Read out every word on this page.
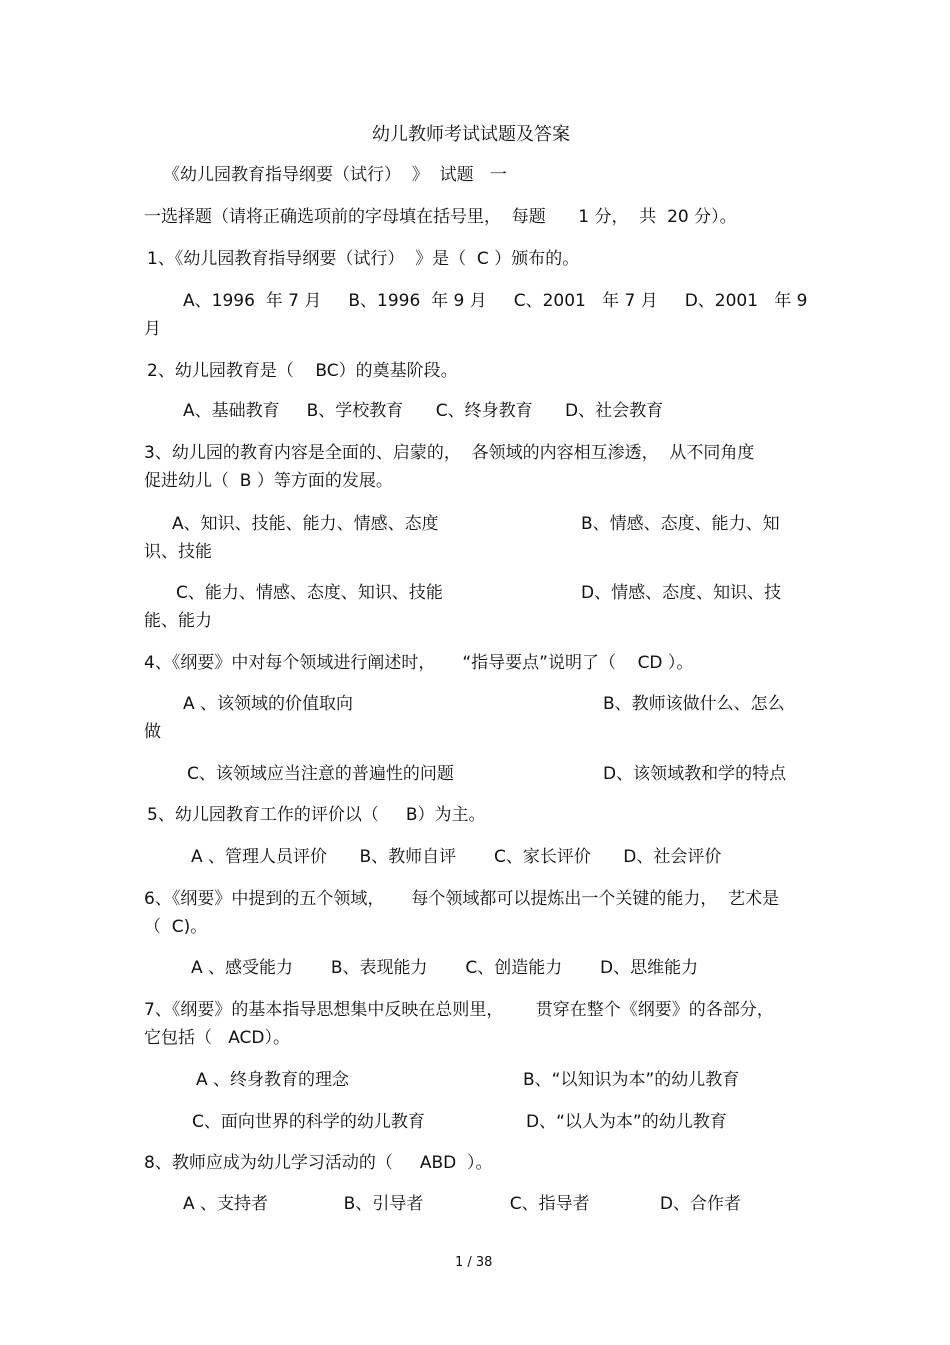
幼儿教师考试试题及答案
《幼儿园教育指导纲要（试行）  》  试题   一
一选择题（请将正确选项前的字母填在括号里，  每题      1 分，  共  20 分）。
1、《幼儿园教育指导纲要（试行）  》是（  C ）颁布的。
A、1996  年 7 月     B、1996  年 9 月     C、2001   年 7 月     D、2001   年 9
月
2、幼儿园教育是（    BC）的奠基阶段。
A、基础教育     B、学校教育      C、终身教育      D、社会教育
3、幼儿园的教育内容是全面的、启蒙的，  各领域的内容相互渗透，  从不同角度
促进幼儿（  B ）等方面的发展。
A、知识、技能、能力、情感、态度	B、情感、态度、能力、知
识、技能
C、能力、情感、态度、知识、技能	D、情感、态度、知识、技
能、能力
4、《纲要》中对每个领域进行阐述时，     “指导要点”说明了（    CD ）。
A 、该领域的价值取向	B、教师该做什么、怎么
做
C、该领域应当注意的普遍性的问题	D、该领域教和学的特点
5、幼儿园教育工作的评价以（     B）为主。
A 、管理人员评价      B、教师自评       C、家长评价      D、社会评价
6、《纲要》中提到的五个领域，     每个领域都可以提炼出一个关键的能力，  艺术是
（  C)。
A 、感受能力       B、表现能力       C、创造能力       D、思维能力
7、《纲要》的基本指导思想集中反映在总则里，      贯穿在整个《纲要》的各部分，
它包括（   ACD）。
A 、终身教育的理念	B、“以知识为本”的幼儿教育
C、面向世界的科学的幼儿教育	D、“以人为本”的幼儿教育
8、教师应成为幼儿学习活动的（     ABD  ）。
A 、支持者              B、引导者                C、指导者             D、合作者
1 / 38
